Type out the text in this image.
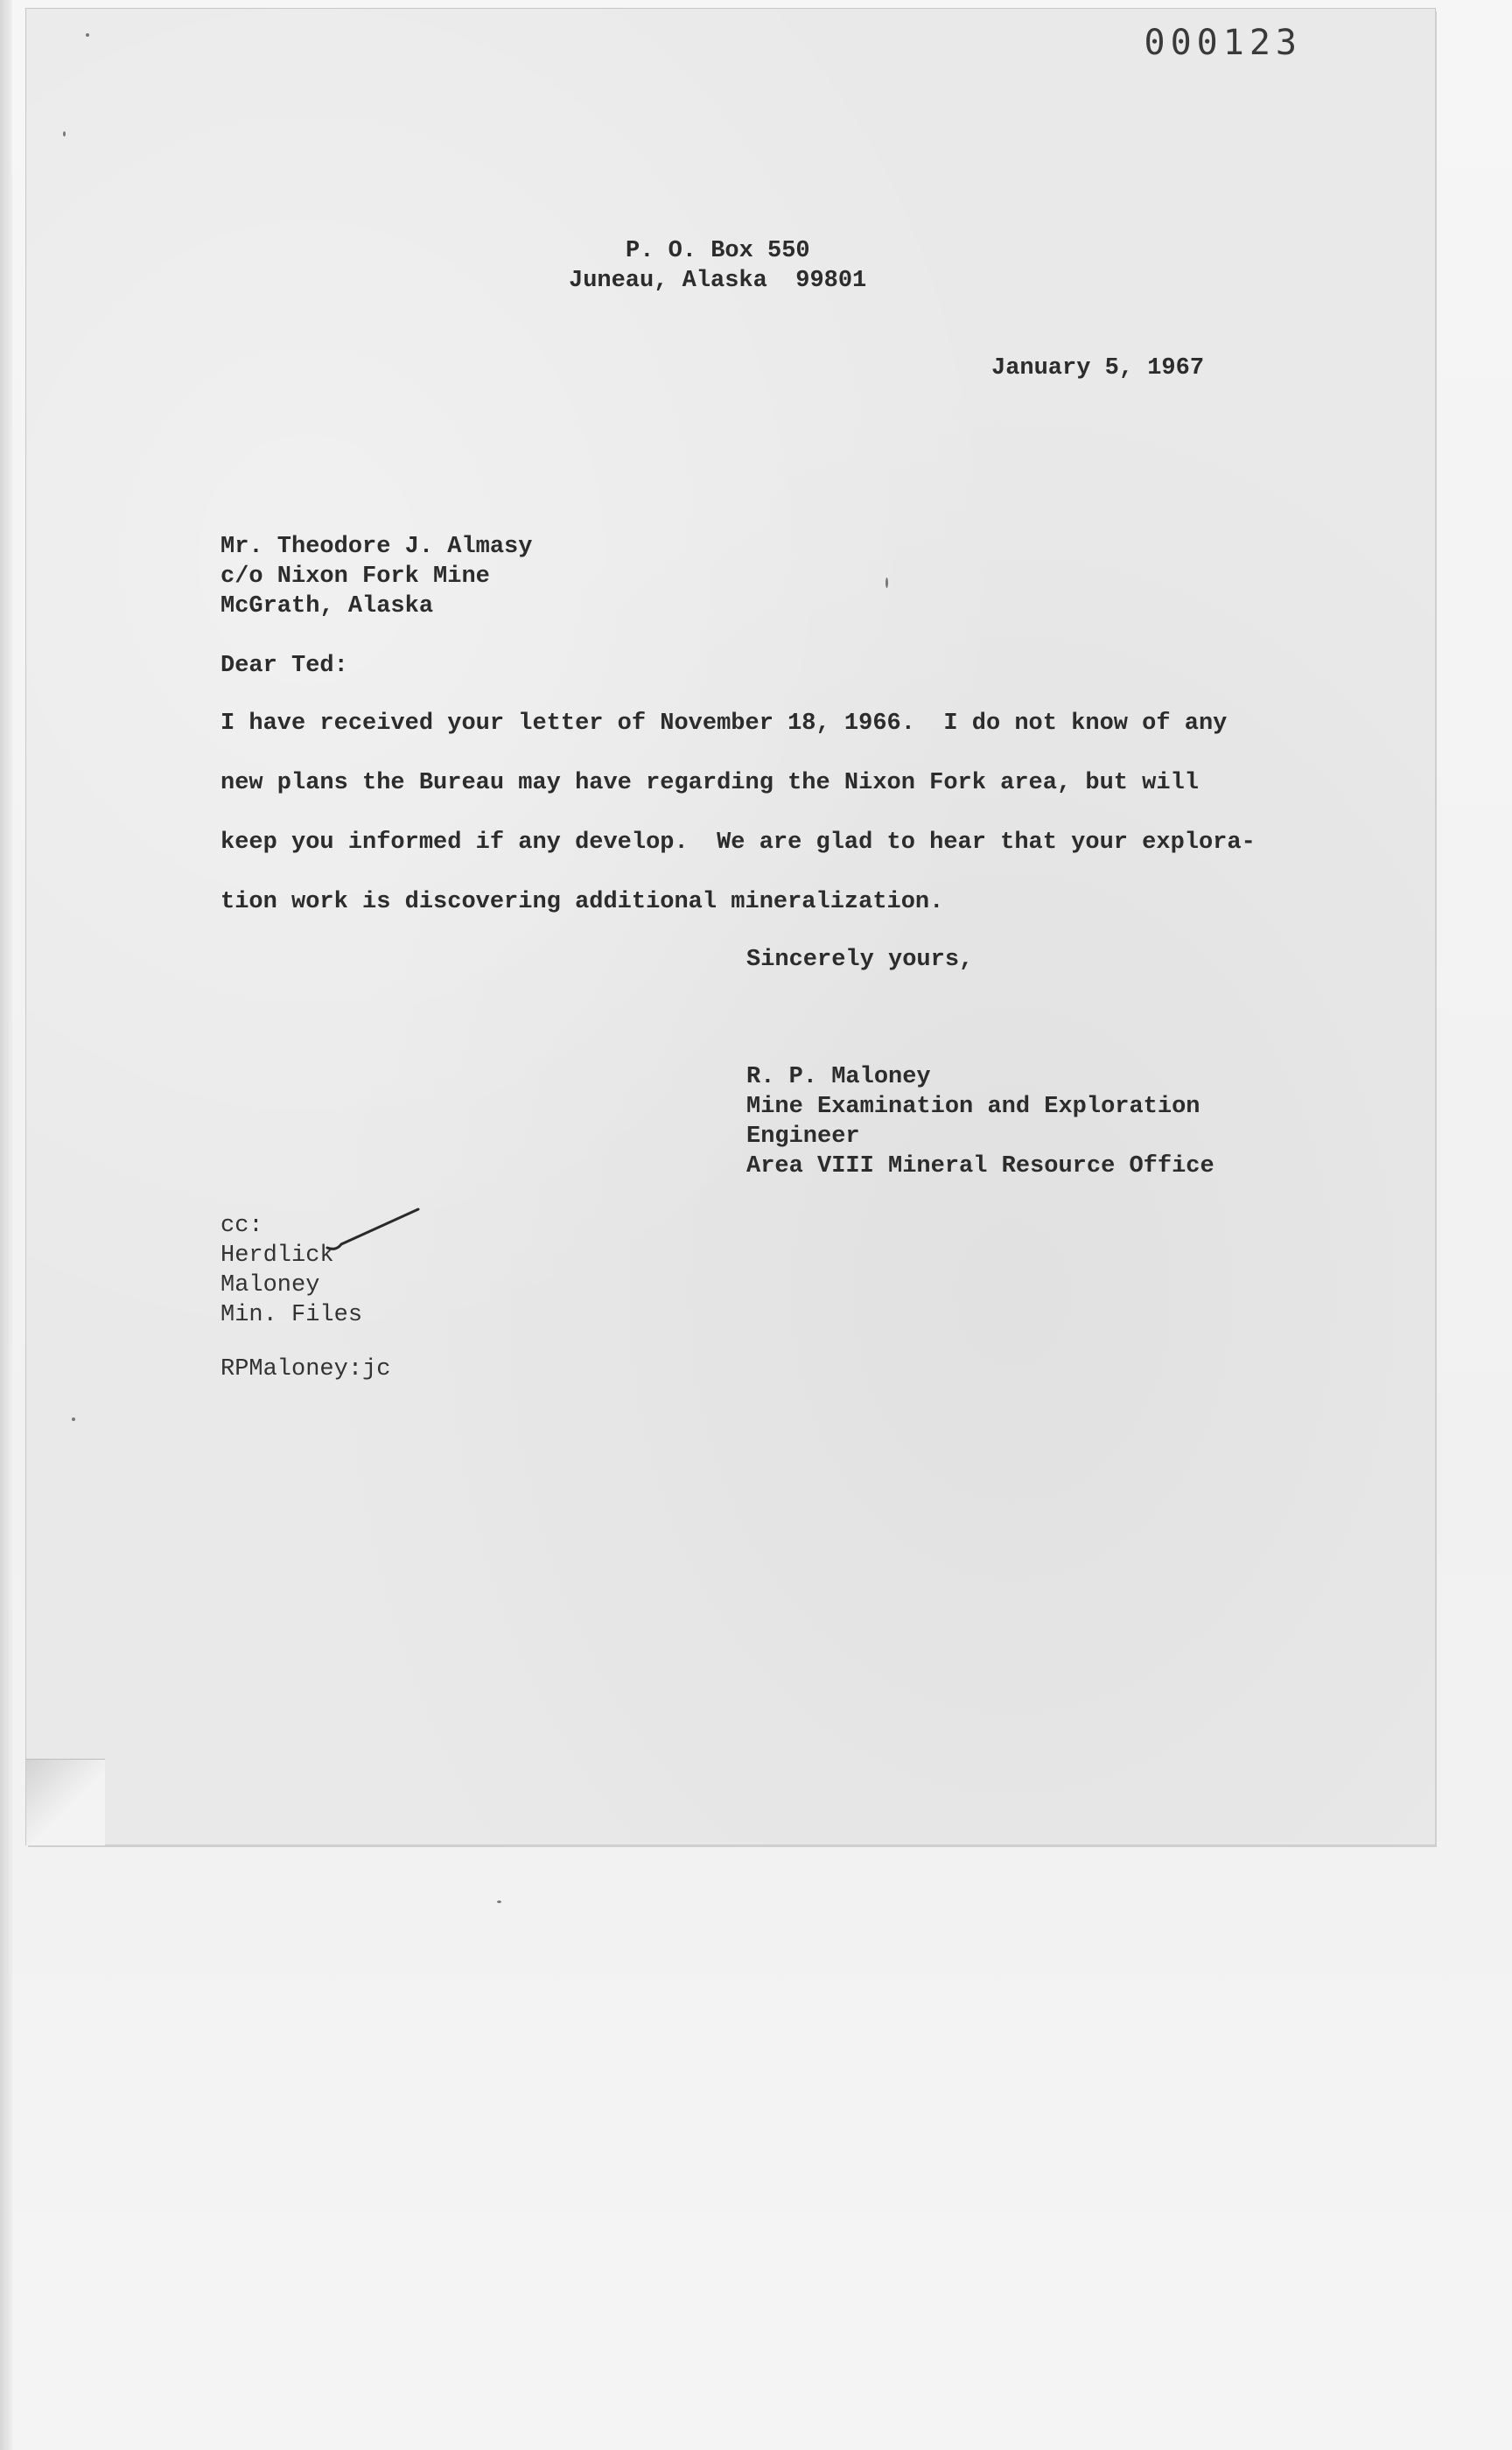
000123
P. O. Box 550
Juneau, Alaska  99801
January 5, 1967
Mr. Theodore J. Almasy
c/o Nixon Fork Mine
McGrath, Alaska
Dear Ted:
I have received your letter of November 18, 1966.  I do not know of any
new plans the Bureau may have regarding the Nixon Fork area, but will
keep you informed if any develop.  We are glad to hear that your explora-
tion work is discovering additional mineralization.
Sincerely yours,
R. P. Maloney
Mine Examination and Exploration
Engineer
Area VIII Mineral Resource Office
cc:
Herdlick
Maloney
Min. Files
RPMaloney:jc
